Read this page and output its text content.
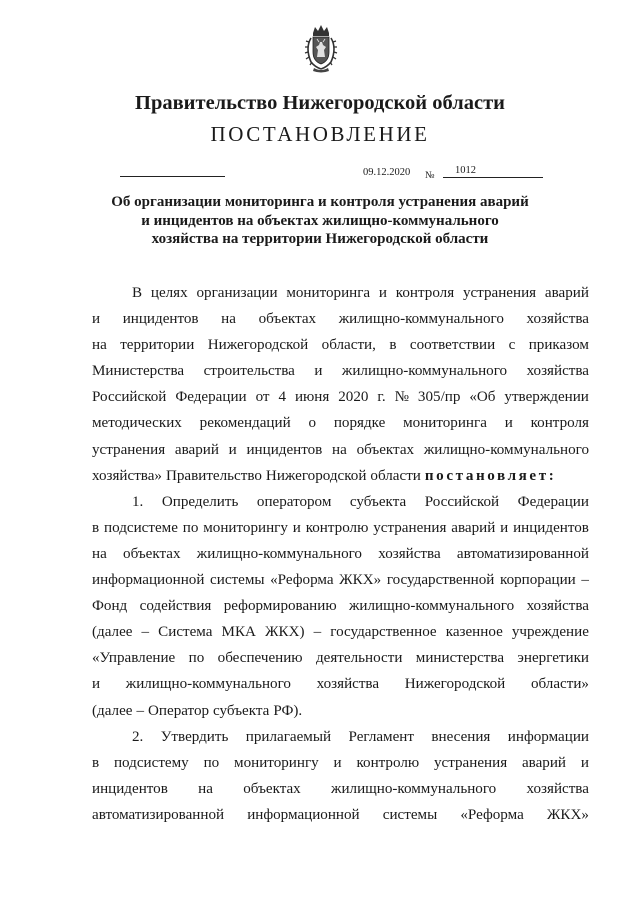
Правительство Нижегородской области
ПОСТАНОВЛЕНИЕ
09.12.2020 №	1012
Об организации мониторинга и контроля устранения аварий
и инцидентов на объектах жилищно-коммунального
хозяйства на территории Нижегородской области
В целях организации мониторинга и контроля устранения аварий
и инцидентов на объектах жилищно-коммунального хозяйства
на территории Нижегородской области, в соответствии с приказом
Министерства строительства и жилищно-коммунального хозяйства
Российской Федерации от 4 июня 2020 г. № 305/пр «Об утверждении
методических рекомендаций о порядке мониторинга и контроля
устранения аварий и инцидентов на объектах жилищно-коммунального
хозяйства» Правительство Нижегородской области постановляет:
1. Определить оператором субъекта Российской Федерации
в подсистеме по мониторингу и контролю устранения аварий и инцидентов
на объектах жилищно-коммунального хозяйства автоматизированной
информационной системы «Реформа ЖКХ» государственной корпорации –
Фонд содействия реформированию жилищно-коммунального хозяйства
(далее – Система МКА ЖКХ) – государственное казенное учреждение
«Управление по обеспечению деятельности министерства энергетики
и жилищно-коммунального хозяйства Нижегородской области»
(далее – Оператор субъекта РФ).
2. Утвердить прилагаемый Регламент внесения информации
в подсистему по мониторингу и контролю устранения аварий и
инцидентов на объектах жилищно-коммунального хозяйства
автоматизированной информационной системы «Реформа ЖКХ»
